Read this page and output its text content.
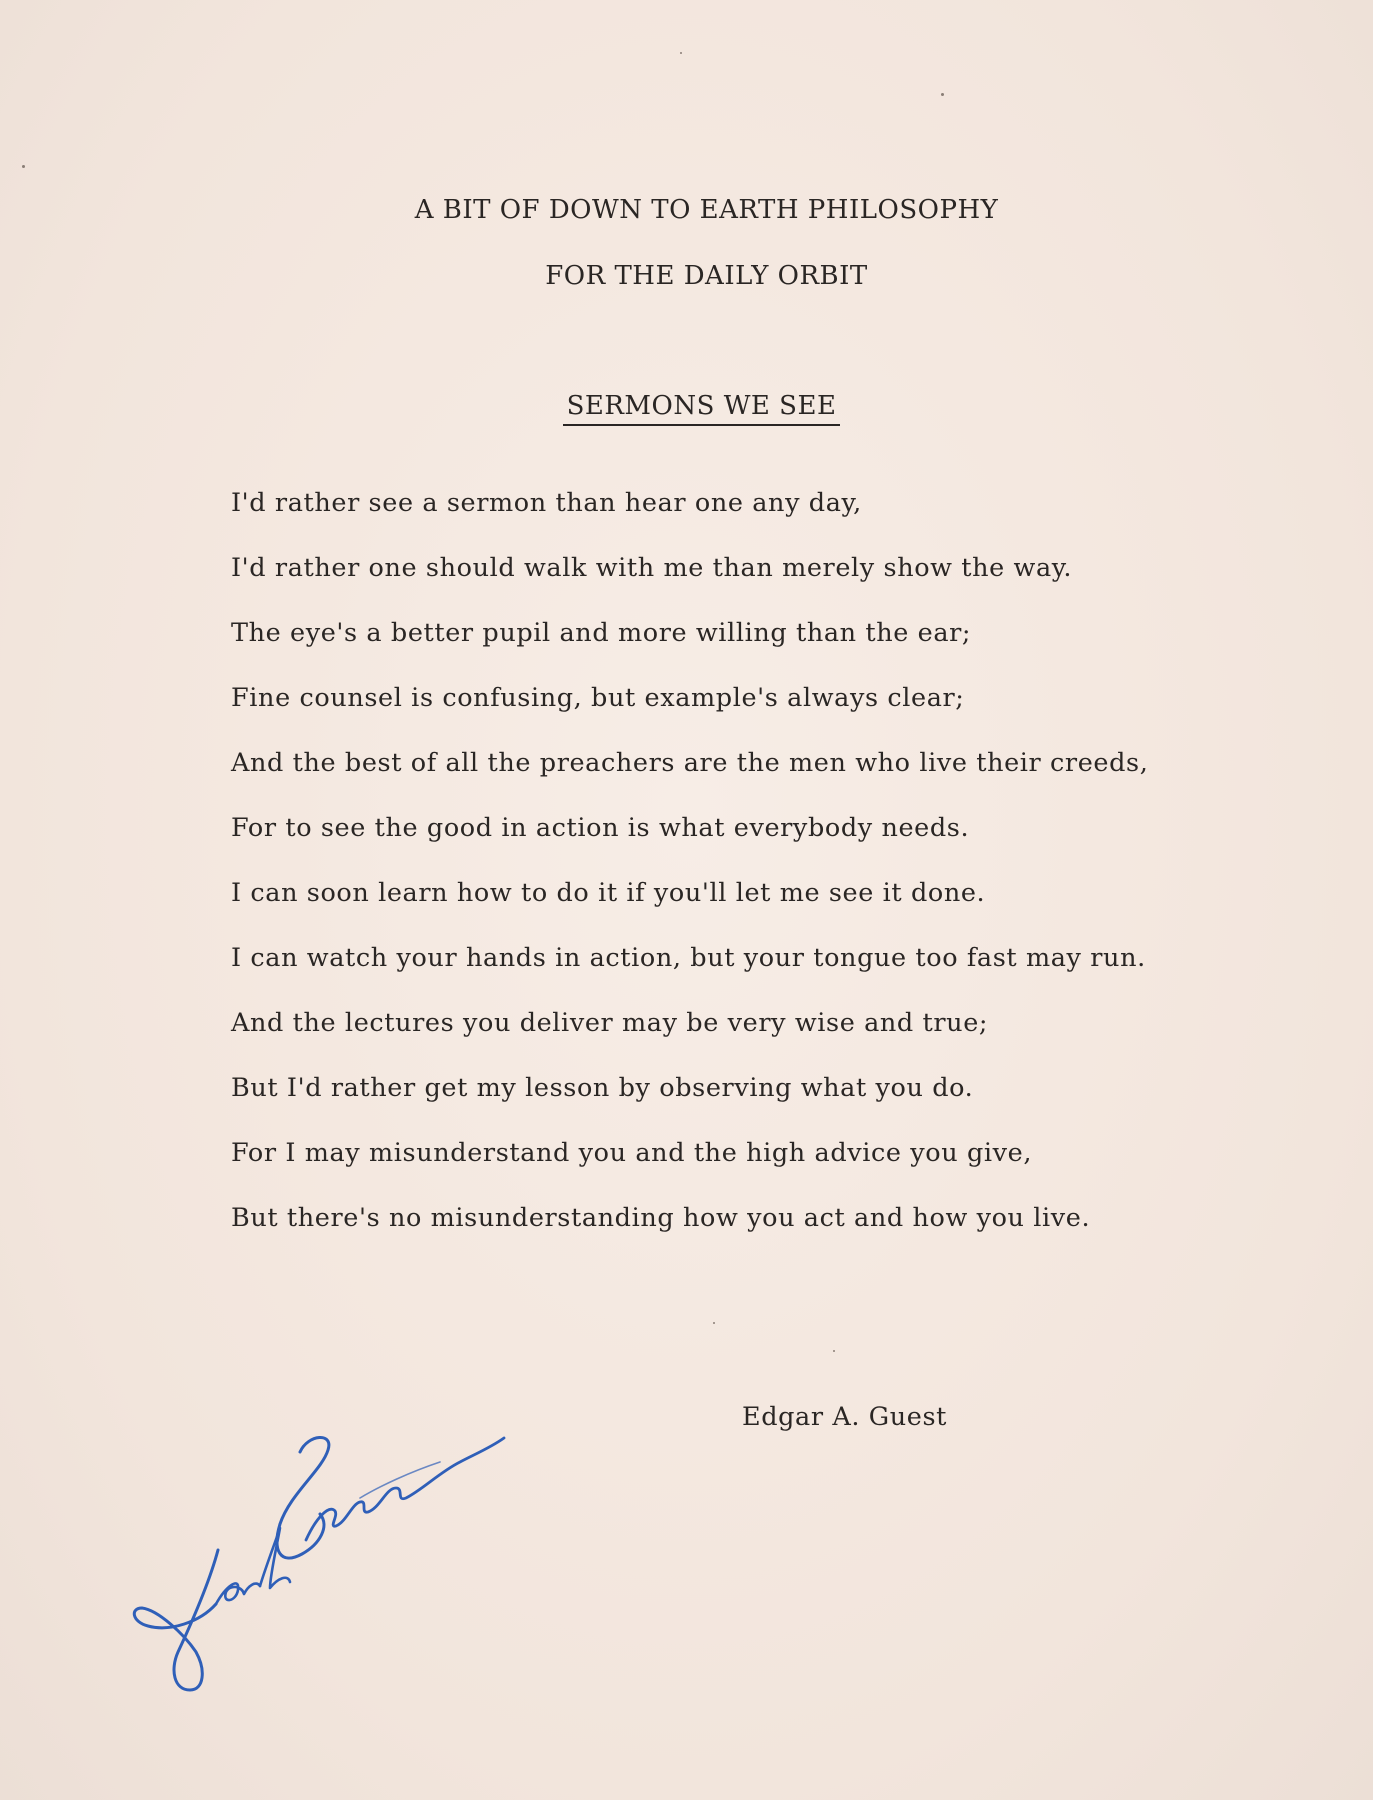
A BIT OF DOWN TO EARTH PHILOSOPHY
FOR THE DAILY ORBIT
SERMONS WE SEE
I'd rather see a sermon than hear one any day,
I'd rather one should walk with me than merely show the way.
The eye's a better pupil and more willing than the ear;
Fine counsel is confusing, but example's always clear;
And the best of all the preachers are the men who live their creeds,
For to see the good in action is what everybody needs.
I can soon learn how to do it if you'll let me see it done.
I can watch your hands in action, but your tongue too fast may run.
And the lectures you deliver may be very wise and true;
But I'd rather get my lesson by observing what you do.
For I may misunderstand you and the high advice you give,
But there's no misunderstanding how you act and how you live.
Edgar A. Guest
